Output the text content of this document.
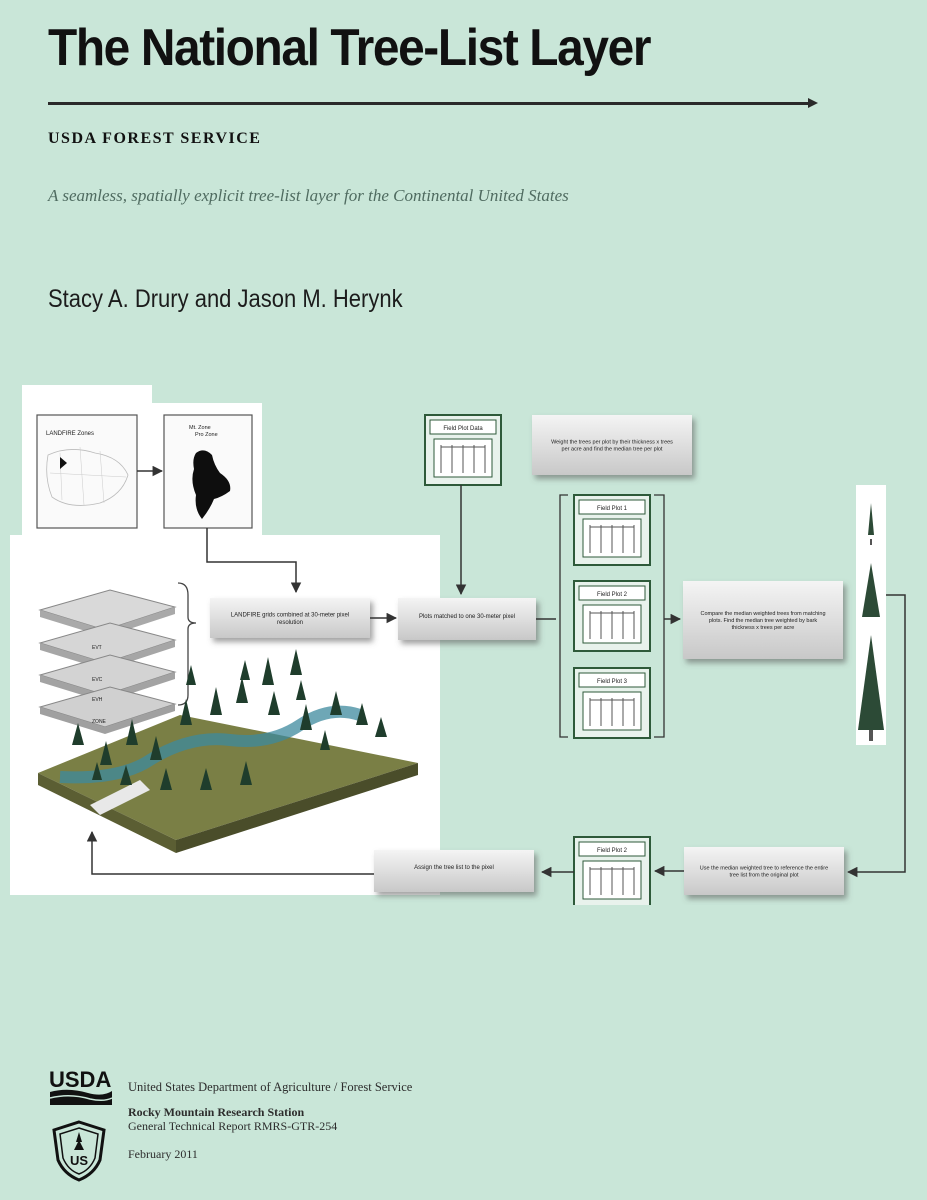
The National Tree-List Layer
USDA FOREST SERVICE
A seamless, spatially explicit tree-list layer for the Continental United States
Stacy A. Drury and Jason M. Herynk
LANDFIRE Zones
Mt. Zone
Pro Zone
EVT
EVC
EVH
ZONE
LANDFIRE grids combined at 30-meter pixel resolution
Plots matched to one 30-meter pixel
Field Plot Data
Weight the trees per plot by their thickness x trees per acre and find the median tree per plot
Field Plot 1
Field Plot 2
Field Plot 3
Compare the median weighted trees from matching plots. Find the median tree weighted by bark thickness x trees per acre
Use the median weighted tree to reference the entire tree list from the original plot
Field Plot 2
Assign the tree list to the pixel
USDA
US
United States Department of Agriculture / Forest Service
Rocky Mountain Research Station
General Technical Report RMRS-GTR-254
February 2011
